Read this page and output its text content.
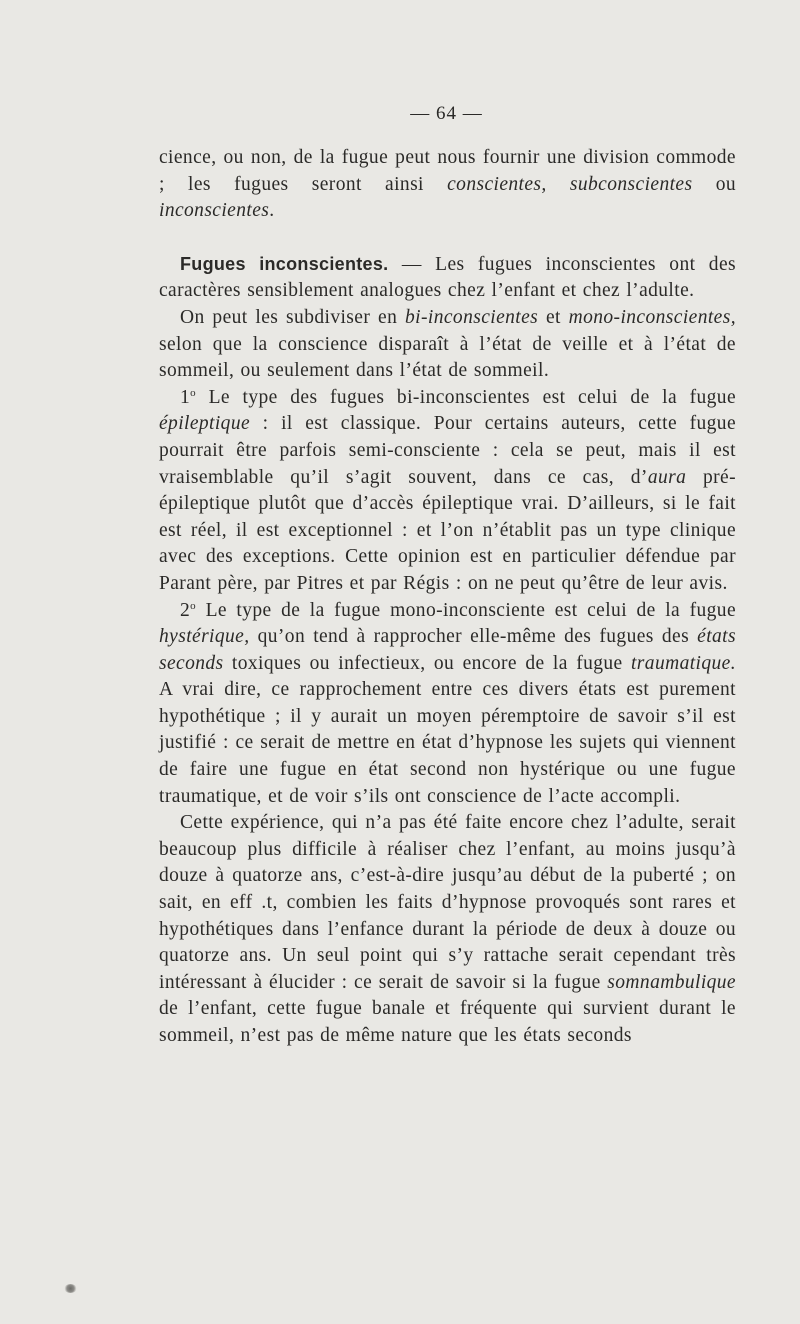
— 64 —

cience, ou non, de la fugue peut nous fournir une division commode ; les fugues seront ainsi conscientes, subconscientes ou inconscientes.

Fugues inconscientes. — Les fugues inconscientes ont des caractères sensiblement analogues chez l’enfant et chez l’adulte.

On peut les subdiviser en bi-inconscientes et mono-inconscientes, selon que la conscience disparaît à l’état de veille et à l’état de sommeil, ou seulement dans l’état de sommeil.

1$^o$ Le type des fugues bi-inconscientes est celui de la fugue épileptique : il est classique. Pour certains auteurs, cette fugue pourrait être parfois semi-consciente : cela se peut, mais il est vraisemblable qu’il s’agit souvent, dans ce cas, d’aura pré-épileptique plutôt que d’accès épileptique vrai. D’ailleurs, si le fait est réel, il est exceptionnel : et l’on n’établit pas un type clinique avec des exceptions. Cette opinion est en particulier défendue par Parant père, par Pitres et par Régis : on ne peut qu’être de leur avis.

2$^o$ Le type de la fugue mono-inconsciente est celui de la fugue hystérique, qu’on tend à rapprocher elle-même des fugues des états seconds toxiques ou infectieux, ou encore de la fugue traumatique. A vrai dire, ce rapprochement entre ces divers états est purement hypothétique ; il y aurait un moyen péremptoire de savoir s’il est justifié : ce serait de mettre en état d’hypnose les sujets qui viennent de faire une fugue en état second non hystérique ou une fugue traumatique, et de voir s’ils ont conscience de l’acte accompli.

Cette expérience, qui n’a pas été faite encore chez l’adulte, serait beaucoup plus difficile à réaliser chez l’enfant, au moins jusqu’à douze à quatorze ans, c’est-à-dire jusqu’au début de la puberté ; on sait, en eff .t, combien les faits d’hypnose provoqués sont rares et hypothétiques dans l’enfance durant la période de deux à douze ou quatorze ans. Un seul point qui s’y rattache serait cependant très intéressant à élucider : ce serait de savoir si la fugue somnambulique de l’enfant, cette fugue banale et fréquente qui survient durant le sommeil, n’est pas de même nature que les états seconds
